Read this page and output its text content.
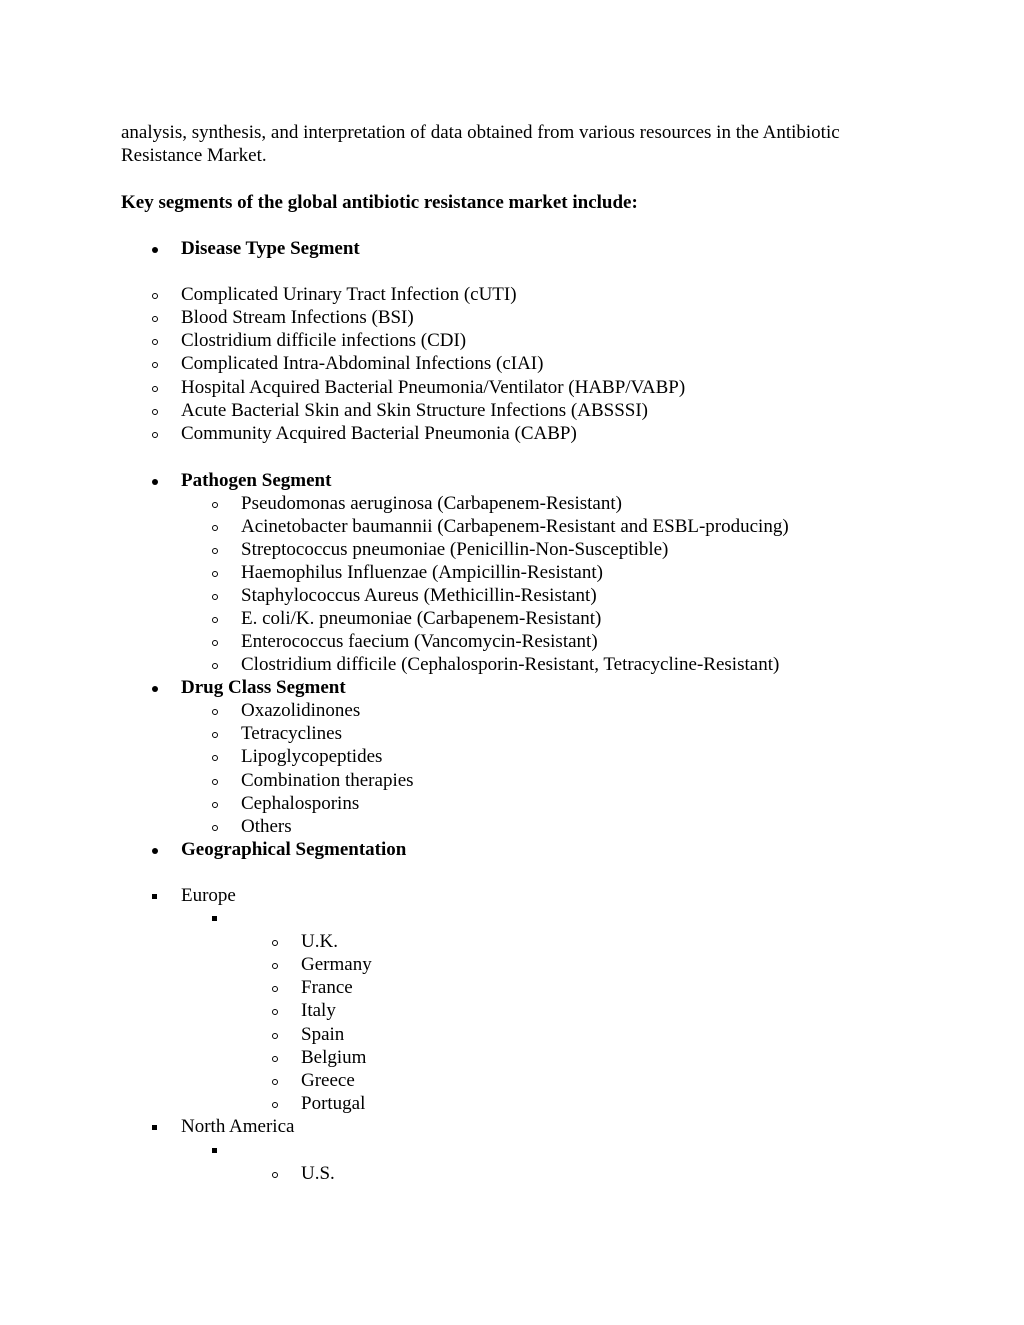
analysis, synthesis, and interpretation of data obtained from various resources in the Antibiotic
Resistance Market.
Key segments of the global antibiotic resistance market include:
Disease Type Segment
Complicated Urinary Tract Infection (cUTI)
Blood Stream Infections (BSI)
Clostridium difficile infections (CDI)
Complicated Intra-Abdominal Infections (cIAI)
Hospital Acquired Bacterial Pneumonia/Ventilator (HABP/VABP)
Acute Bacterial Skin and Skin Structure Infections (ABSSSI)
Community Acquired Bacterial Pneumonia (CABP)
Pathogen Segment
Pseudomonas aeruginosa (Carbapenem-Resistant)
Acinetobacter baumannii (Carbapenem-Resistant and ESBL-producing)
Streptococcus pneumoniae (Penicillin-Non-Susceptible)
Haemophilus Influenzae (Ampicillin-Resistant)
Staphylococcus Aureus (Methicillin-Resistant)
E. coli/K. pneumoniae (Carbapenem-Resistant)
Enterococcus faecium (Vancomycin-Resistant)
Clostridium difficile (Cephalosporin-Resistant, Tetracycline-Resistant)
Drug Class Segment
Oxazolidinones
Tetracyclines
Lipoglycopeptides
Combination therapies
Cephalosporins
Others
Geographical Segmentation
Europe
U.K.
Germany
France
Italy
Spain
Belgium
Greece
Portugal
North America
U.S.
